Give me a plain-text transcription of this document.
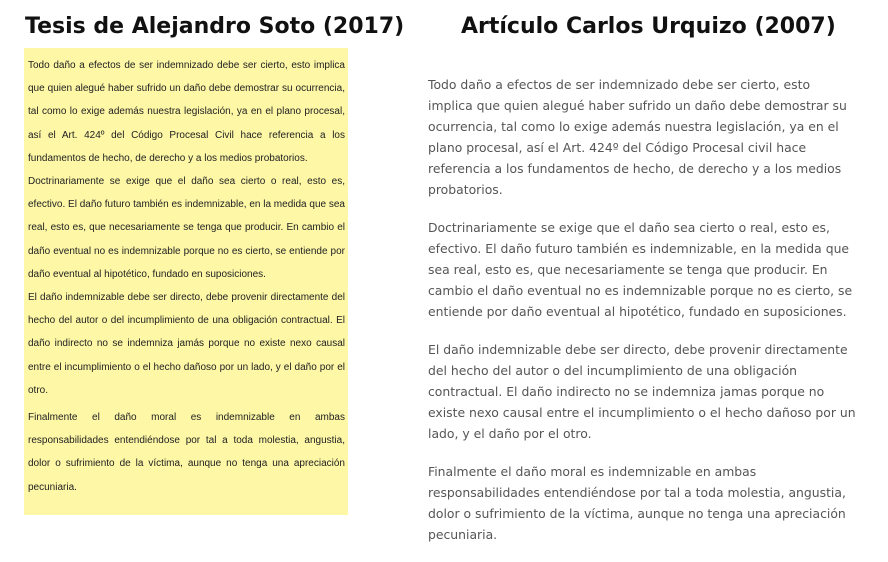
Tesis de Alejandro Soto (2017)	Artículo Carlos Urquizo (2007)

Todo daño a efectos de ser indemnizado debe ser cierto, esto implica que quien alegué haber sufrido un daño debe demostrar su ocurrencia, tal como lo exige además nuestra legislación, ya en el plano procesal, así el Art. 424º del Código Procesal Civil hace referencia a los fundamentos de hecho, de derecho y a los medios probatorios.

Doctrinariamente se exige que el daño sea cierto o real, esto es, efectivo. El daño futuro también es indemnizable, en la medida que sea real, esto es, que necesariamente se tenga que producir. En cambio el daño eventual no es indemnizable porque no es cierto, se entiende por daño eventual al hipotético, fundado en suposiciones.

El daño indemnizable debe ser directo, debe provenir directamente del hecho del autor o del incumplimiento de una obligación contractual. El daño indirecto no se indemniza jamás porque no existe nexo causal entre el incumplimiento o el hecho dañoso por un lado, y el daño por el otro.

Finalmente el daño moral es indemnizable en ambas responsabilidades entendiéndose por tal a toda molestia, angustia, dolor o sufrimiento de la víctima, aunque no tenga una apreciación pecuniaria.

Todo daño a efectos de ser indemnizado debe ser cierto, esto implica que quien alegué haber sufrido un daño debe demostrar su ocurrencia, tal como lo exige además nuestra legislación, ya en el plano procesal, así el Art. 424º del Código Procesal civil hace referencia a los fundamentos de hecho, de derecho y a los medios probatorios.

Doctrinariamente se exige que el daño sea cierto o real, esto es, efectivo. El daño futuro también es indemnizable, en la medida que sea real, esto es, que necesariamente se tenga que producir. En cambio el daño eventual no es indemnizable porque no es cierto, se entiende por daño eventual al hipotético, fundado en suposiciones.

El daño indemnizable debe ser directo, debe provenir directamente del hecho del autor o del incumplimiento de una obligación contractual. El daño indirecto no se indemniza jamas porque no existe nexo causal entre el incumplimiento o el hecho dañoso por un lado, y el daño por el otro.

Finalmente el daño moral es indemnizable en ambas responsabilidades entendiéndose por tal a toda molestia, angustia, dolor o sufrimiento de la víctima, aunque no tenga una apreciación pecuniaria.
